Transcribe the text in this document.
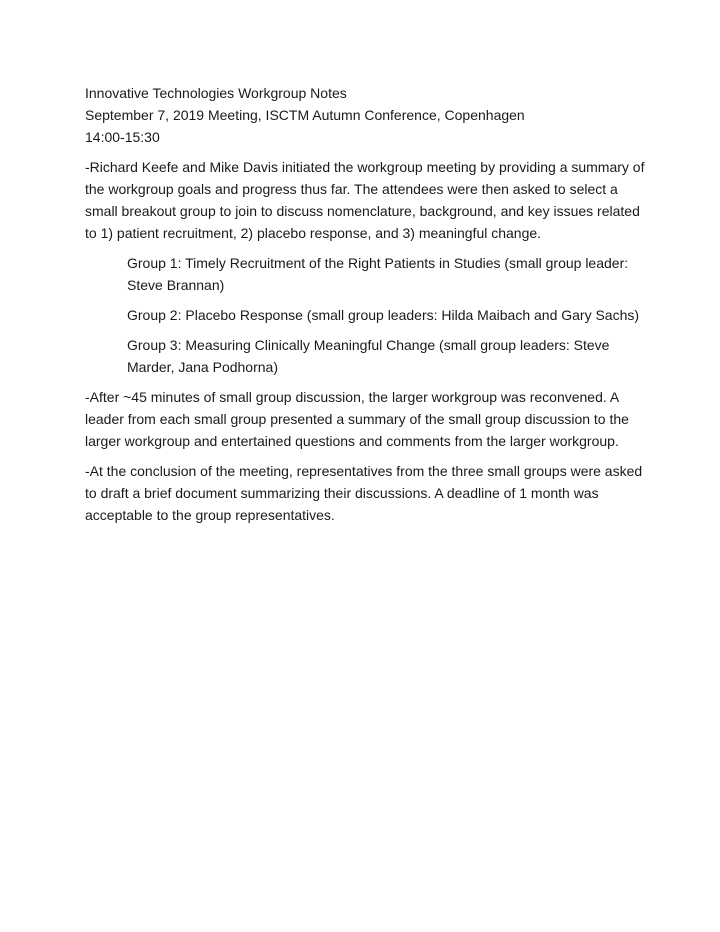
Innovative Technologies Workgroup Notes
September 7, 2019 Meeting, ISCTM Autumn Conference, Copenhagen
14:00-15:30

-Richard Keefe and Mike Davis initiated the workgroup meeting by providing a summary of the workgroup goals and progress thus far. The attendees were then asked to select a small breakout group to join to discuss nomenclature, background, and key issues related to 1) patient recruitment, 2) placebo response, and 3) meaningful change.

Group 1: Timely Recruitment of the Right Patients in Studies (small group leader: Steve Brannan)

Group 2: Placebo Response (small group leaders: Hilda Maibach and Gary Sachs)

Group 3: Measuring Clinically Meaningful Change (small group leaders: Steve Marder, Jana Podhorna)

-After ~45 minutes of small group discussion, the larger workgroup was reconvened. A leader from each small group presented a summary of the small group discussion to the larger workgroup and entertained questions and comments from the larger workgroup.

-At the conclusion of the meeting, representatives from the three small groups were asked to draft a brief document summarizing their discussions. A deadline of 1 month was acceptable to the group representatives.
